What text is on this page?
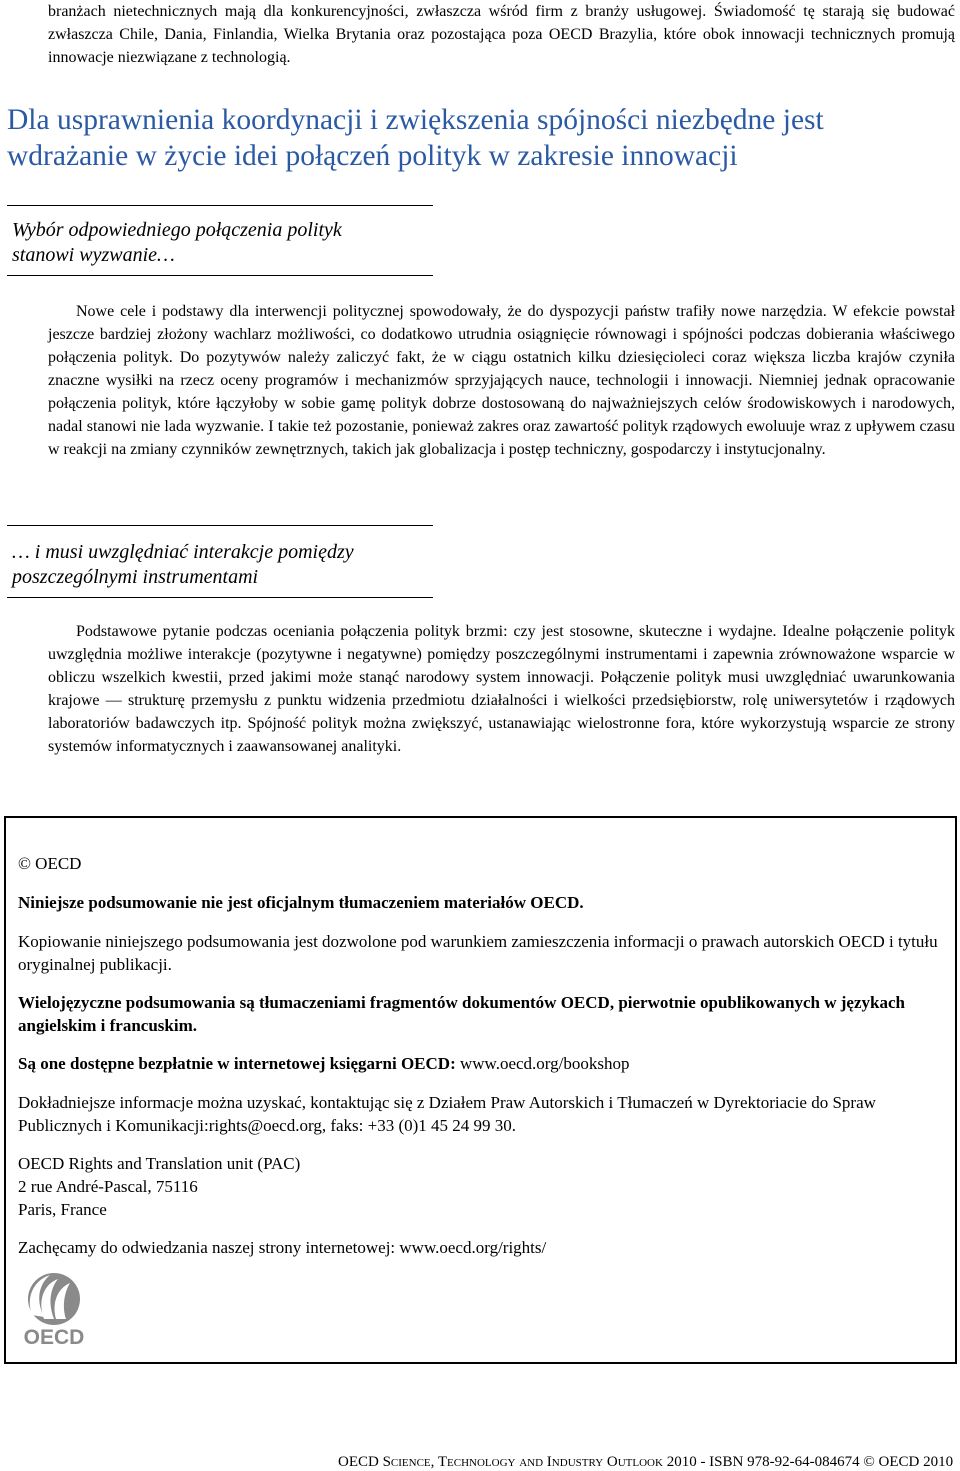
branżach nietechnicznych mają dla konkurencyjności, zwłaszcza wśród firm z branży usługowej. Świadomość tę starają się budować zwłaszcza Chile, Dania, Finlandia, Wielka Brytania oraz pozostająca poza OECD Brazylia, które obok innowacji technicznych promują innowacje niezwiązane z technologią.

Dla usprawnienia koordynacji i zwiększenia spójności niezbędne jest
wdrażanie w życie idei połączeń polityk w zakresie innowacji
Wybór odpowiedniego połączenia polityk
stanowi wyzwanie…

Nowe cele i podstawy dla interwencji politycznej spowodowały, że do dyspozycji państw trafiły nowe narzędzia. W efekcie powstał jeszcze bardziej złożony wachlarz możliwości, co dodatkowo utrudnia osiągnięcie równowagi i spójności podczas dobierania właściwego połączenia polityk. Do pozytywów należy zaliczyć fakt, że w ciągu ostatnich kilku dziesięcioleci coraz większa liczba krajów czyniła znaczne wysiłki na rzecz oceny programów i mechanizmów sprzyjających nauce, technologii i innowacji. Niemniej jednak opracowanie połączenia polityk, które łączyłoby w sobie gamę polityk dobrze dostosowaną do najważniejszych celów środowiskowych i narodowych, nadal stanowi nie lada wyzwanie. I takie też pozostanie, ponieważ zakres oraz zawartość polityk rządowych ewoluuje wraz z upływem czasu w reakcji na zmiany czynników zewnętrznych, takich jak globalizacja i postęp techniczny, gospodarczy i instytucjonalny.

… i musi uwzględniać interakcje pomiędzy
poszczególnymi instrumentami

Podstawowe pytanie podczas oceniania połączenia polityk brzmi: czy jest stosowne, skuteczne i wydajne. Idealne połączenie polityk uwzględnia możliwe interakcje (pozytywne i negatywne) pomiędzy poszczególnymi instrumentami i zapewnia zrównoważone wsparcie w obliczu wszelkich kwestii, przed jakimi może stanąć narodowy system innowacji. Połączenie polityk musi uwzględniać uwarunkowania krajowe — strukturę przemysłu z punktu widzenia przedmiotu działalności i wielkości przedsiębiorstw, rolę uniwersytetów i rządowych laboratoriów badawczych itp. Spójność polityk można zwiększyć, ustanawiając wielostronne fora, które wykorzystują wsparcie ze strony systemów informatycznych i zaawansowanej analityki.

© OECD

Niniejsze podsumowanie nie jest oficjalnym tłumaczeniem materiałów OECD.

Kopiowanie niniejszego podsumowania jest dozwolone pod warunkiem zamieszczenia informacji o prawach autorskich OECD i tytułu oryginalnej publikacji.

Wielojęzyczne podsumowania są tłumaczeniami fragmentów dokumentów OECD, pierwotnie opublikowanych w językach angielskim i francuskim.

Są one dostępne bezpłatnie w internetowej księgarni OECD: www.oecd.org/bookshop

Dokładniejsze informacje można uzyskać, kontaktując się z Działem Praw Autorskich i Tłumaczeń w Dyrektoriacie do Spraw Publicznych i Komunikacji:rights@oecd.org, faks: +33 (0)1 45 24 99 30.

OECD Rights and Translation unit (PAC)
2 rue André-Pascal, 75116
Paris, France

Zachęcamy do odwiedzania naszej strony internetowej: www.oecd.org/rights/

OECD
OECD Science, Technology and Industry Outlook 2010 - ISBN 978-92-64-084674 © OECD 2010
